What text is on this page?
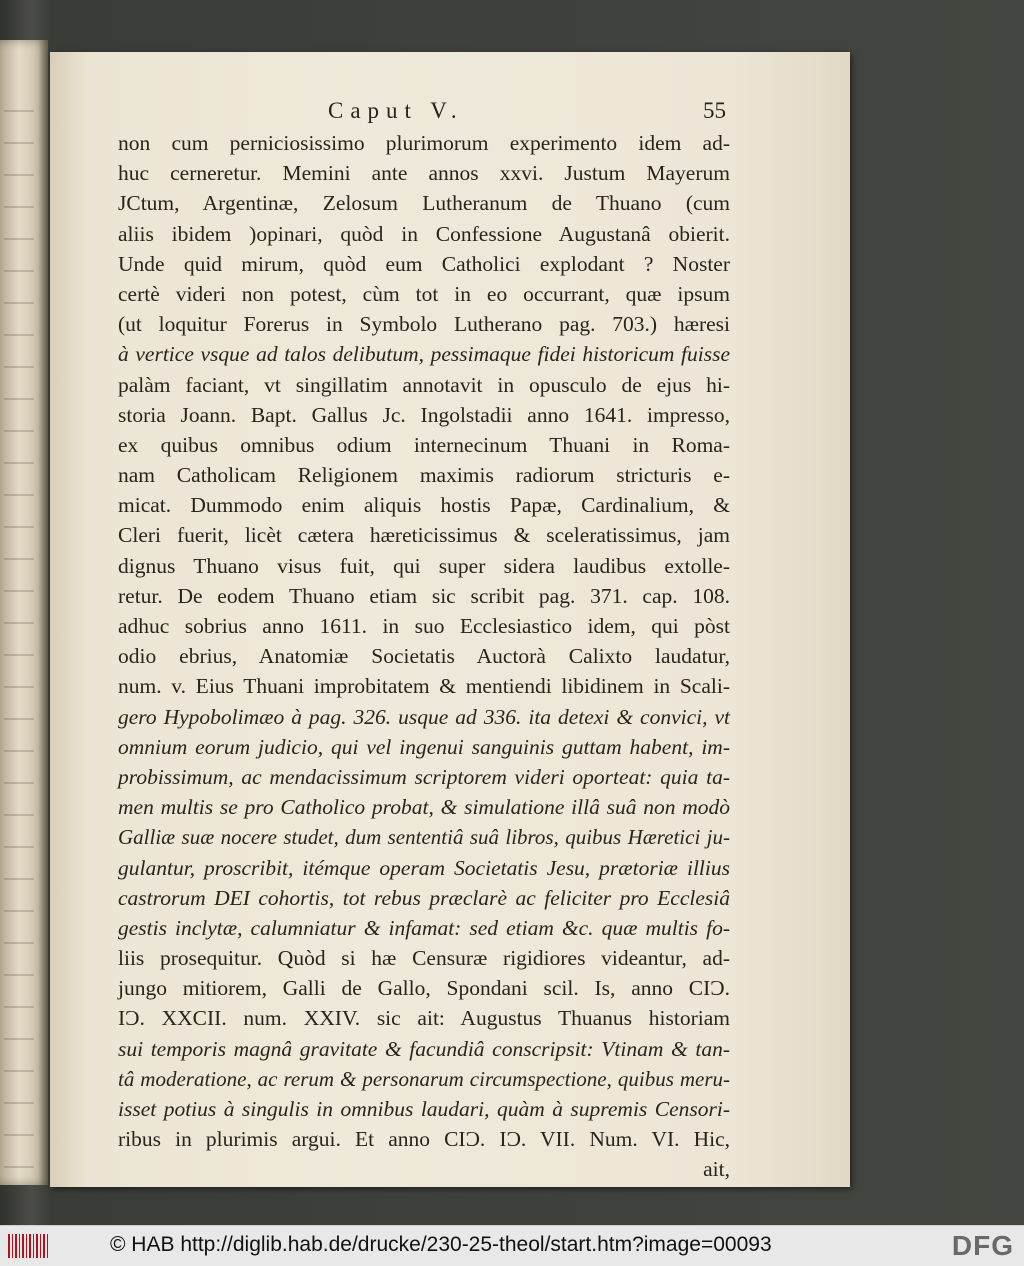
Caput V.	55
non cum perniciosissimo plurimorum experimento idem ad-
huc cerneretur. Memini ante annos xxvi. Justum Mayerum
JCtum, Argentinæ, Zelosum Lutheranum de Thuano (cum
aliis ibidem )opinari, quòd in Confessione Augustanâ obierit.
Unde quid mirum, quòd eum Catholici explodant ? Noster
certè videri non potest, cùm tot in eo occurrant, quæ ipsum
(ut loquitur Forerus in Symbolo Lutherano pag. 703.) hæresi
à vertice vsque ad talos delibutum, pessimaque fidei historicum fuisse
palàm faciant, vt singillatim annotavit in opusculo de ejus hi-
storia Joann. Bapt. Gallus Jc. Ingolstadii anno 1641. impresso,
ex quibus omnibus odium internecinum Thuani in Roma-
nam Catholicam Religionem maximis radiorum stricturis e-
micat. Dummodo enim aliquis hostis Papæ, Cardinalium, &
Cleri fuerit, licèt cætera hæreticissimus & sceleratissimus, jam
dignus Thuano visus fuit, qui super sidera laudibus extolle-
retur. De eodem Thuano etiam sic scribit pag. 371. cap. 108.
adhuc sobrius anno 1611. in suo Ecclesiastico idem, qui pòst
odio ebrius, Anatomiæ Societatis Auctorà Calixto laudatur,
num. v. Eius Thuani improbitatem & mentiendi libidinem in Scali-
gero Hypobolimæo à pag. 326. usque ad 336. ita detexi & convici, vt
omnium eorum judicio, qui vel ingenui sanguinis guttam habent, im-
probissimum, ac mendacissimum scriptorem videri oporteat: quia ta-
men multis se pro Catholico probat, & simulatione illâ suâ non modò
Galliæ suæ nocere studet, dum sententiâ suâ libros, quibus Hæretici ju-
gulantur, proscribit, itémque operam Societatis Jesu, prætoriæ illius
castrorum DEI cohortis, tot rebus præclarè ac feliciter pro Ecclesiâ
gestis inclytæ, calumniatur & infamat: sed etiam &c. quæ multis fo-
liis prosequitur. Quòd si hæ Censuræ rigidiores videantur, ad-
jungo mitiorem, Galli de Gallo, Spondani scil. Is, anno CIƆ.
IƆ. XXCII. num. XXIV. sic ait: Augustus Thuanus historiam
sui temporis magnâ gravitate & facundiâ conscripsit: Vtinam & tan-
tâ moderatione, ac rerum & personarum circumspectione, quibus meru-
isset potius à singulis in omnibus laudari, quàm à supremis Censori-
ribus in plurimis argui. Et anno CIƆ. IƆ. VII. Num. VI. Hic,
ait,
© HAB http://diglib.hab.de/drucke/230-25-theol/start.htm?image=00093	DFG
